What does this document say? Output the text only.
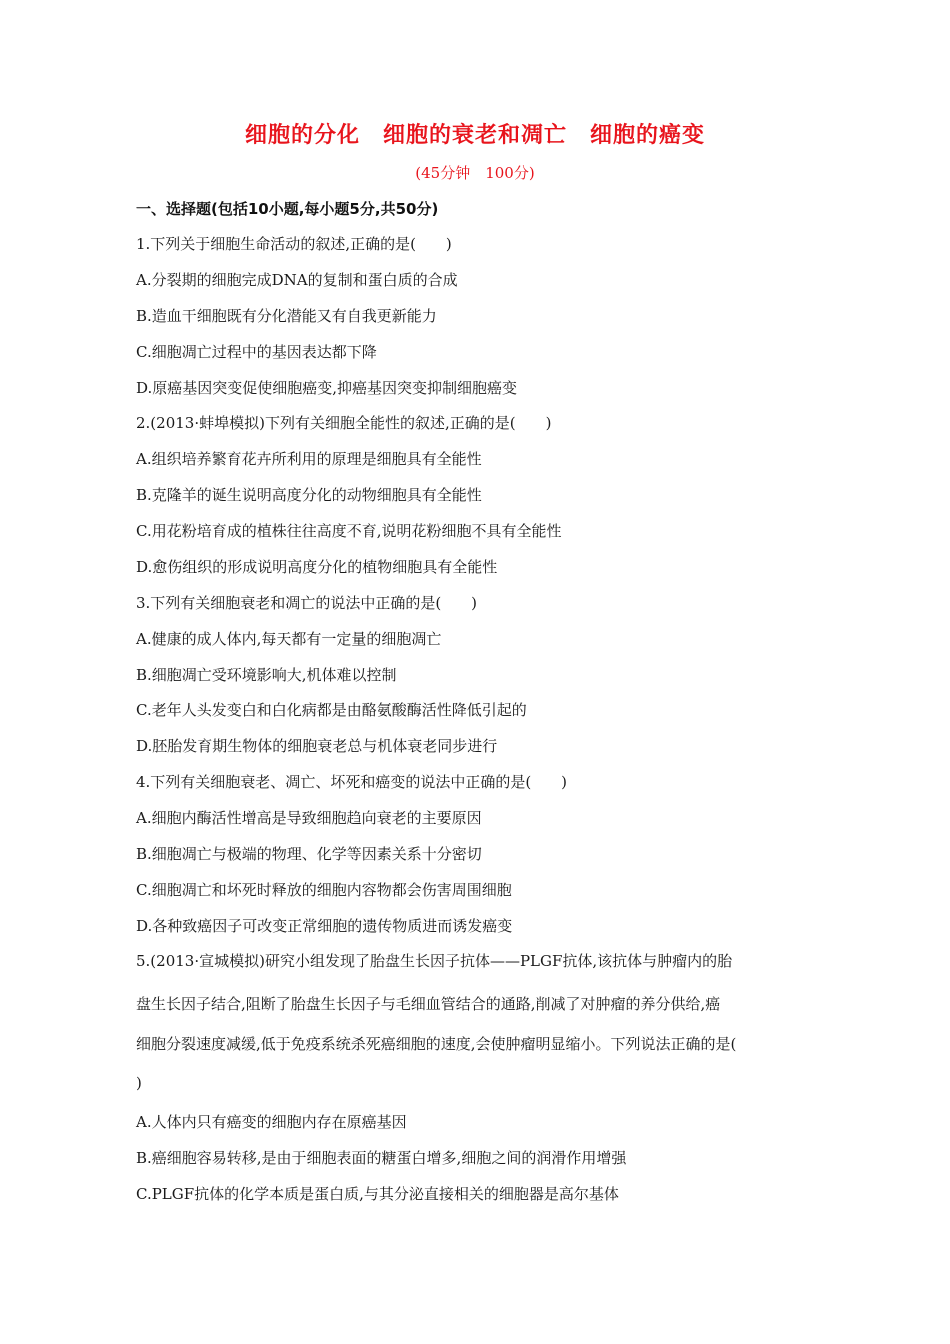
细胞的分化　细胞的衰老和凋亡　细胞的癌变
(45分钟　100分)
一、选择题(包括10小题,每小题5分,共50分)
1.下列关于细胞生命活动的叙述,正确的是(　　)
A.分裂期的细胞完成DNA的复制和蛋白质的合成
B.造血干细胞既有分化潜能又有自我更新能力
C.细胞凋亡过程中的基因表达都下降
D.原癌基因突变促使细胞癌变,抑癌基因突变抑制细胞癌变
2.(2013·蚌埠模拟)下列有关细胞全能性的叙述,正确的是(　　)
A.组织培养繁育花卉所利用的原理是细胞具有全能性
B.克隆羊的诞生说明高度分化的动物细胞具有全能性
C.用花粉培育成的植株往往高度不育,说明花粉细胞不具有全能性
D.愈伤组织的形成说明高度分化的植物细胞具有全能性
3.下列有关细胞衰老和凋亡的说法中正确的是(　　)
A.健康的成人体内,每天都有一定量的细胞凋亡
B.细胞凋亡受环境影响大,机体难以控制
C.老年人头发变白和白化病都是由酪氨酸酶活性降低引起的
D.胚胎发育期生物体的细胞衰老总与机体衰老同步进行
4.下列有关细胞衰老、凋亡、坏死和癌变的说法中正确的是(　　)
A.细胞内酶活性增高是导致细胞趋向衰老的主要原因
B.细胞凋亡与极端的物理、化学等因素关系十分密切
C.细胞凋亡和坏死时释放的细胞内容物都会伤害周围细胞
D.各种致癌因子可改变正常细胞的遗传物质进而诱发癌变
5.(2013·宣城模拟)研究小组发现了胎盘生长因子抗体——PLGF抗体,该抗体与肿瘤内的胎
盘生长因子结合,阻断了胎盘生长因子与毛细血管结合的通路,削减了对肿瘤的养分供给,癌
细胞分裂速度减缓,低于免疫系统杀死癌细胞的速度,会使肿瘤明显缩小。下列说法正确的是(
)
A.人体内只有癌变的细胞内存在原癌基因
B.癌细胞容易转移,是由于细胞表面的糖蛋白增多,细胞之间的润滑作用增强
C.PLGF抗体的化学本质是蛋白质,与其分泌直接相关的细胞器是高尔基体
